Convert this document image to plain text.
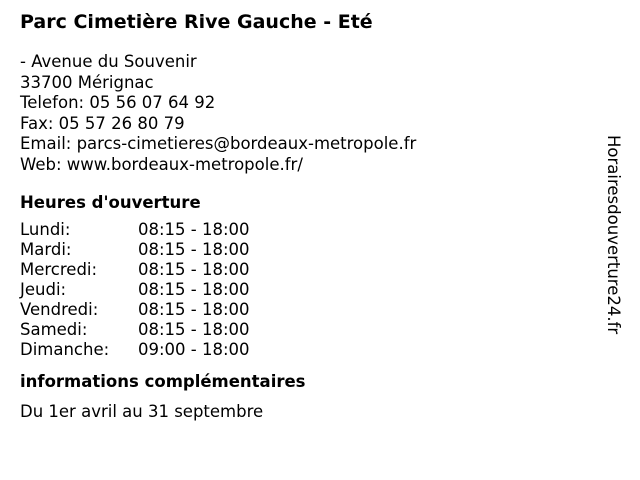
Parc Cimetière Rive Gauche - Eté
- Avenue du Souvenir
33700 Mérignac
Telefon: 05 56 07 64 92
Fax: 05 57 26 80 79
Email: parcs-cimetieres@bordeaux-metropole.fr
Web: www.bordeaux-metropole.fr/
Heures d'ouverture
Lundi:	08:15 - 18:00
Mardi:	08:15 - 18:00
Mercredi:	08:15 - 18:00
Jeudi:	08:15 - 18:00
Vendredi:	08:15 - 18:00
Samedi:	08:15 - 18:00
Dimanche:	09:00 - 18:00
informations complémentaires
Du 1er avril au 31 septembre
Horairesdouverture24.fr
